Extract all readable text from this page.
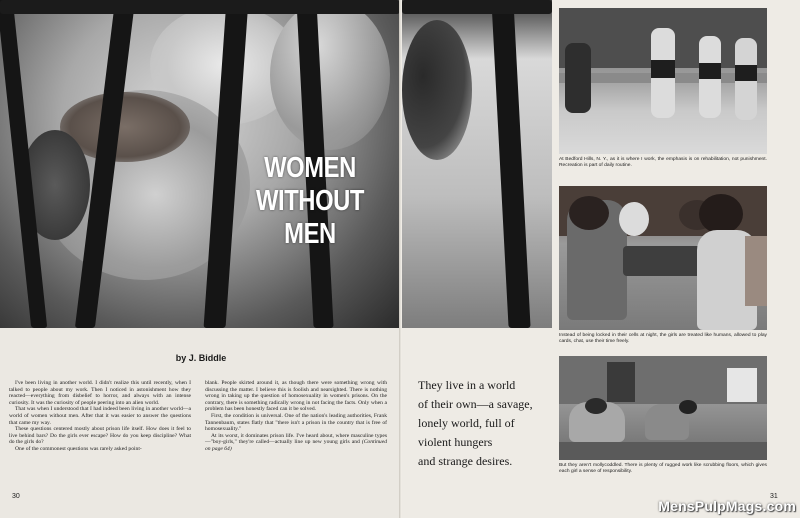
WOMEN
WITHOUT
MEN
by J. Biddle

I've been living in another world. I didn't realize this until recently, when I talked to people about my work. Then I noticed in astonishment how they reacted—everything from disbelief to horror, and always with an intense curiosity. It was the curiosity of people peering into an alien world.

That was when I understood that I had indeed been living in another world—a world of women without men. After that it was easier to answer the questions that came my way.

These questions centered mostly about prison life itself. How does it feel to live behind bars? Do the girls ever escape? How do you keep discipline? What do the girls do?

One of the commonest questions was rarely asked point-

blank. People skirted around it, as though there were something wrong with discussing the matter. I believe this is foolish and nearsighted. There is nothing wrong in taking up the question of homosexuality in women's prisons. On the contrary, there is something radically wrong in not facing the facts. Only when a problem has been honestly faced can it be solved.

First, the condition is universal. One of the nation's leading authorities, Frank Tannenbaum, states flatly that "there isn't a prison in the country that is free of homosexuality."

At its worst, it dominates prison life. I've heard about, where masculine types—"boy-girls," they're called—actually line up new young girls and (Continued on page 64)

30
They live in a world
of their own—a savage,
lonely world, full of
violent hungers
and strange desires.
At Bedford Hills, N. Y., as it is where I work, the emphasis is on rehabilitation, not punishment. Recreation is part of daily routine.
Instead of being locked in their cells at night, the girls are treated like humans, allowed to play cards, chat, use their time freely.
But they aren't mollycoddled. There is plenty of rugged work like scrubbing floors, which gives each girl a sense of responsibility.
31
MensPulpMags.com
